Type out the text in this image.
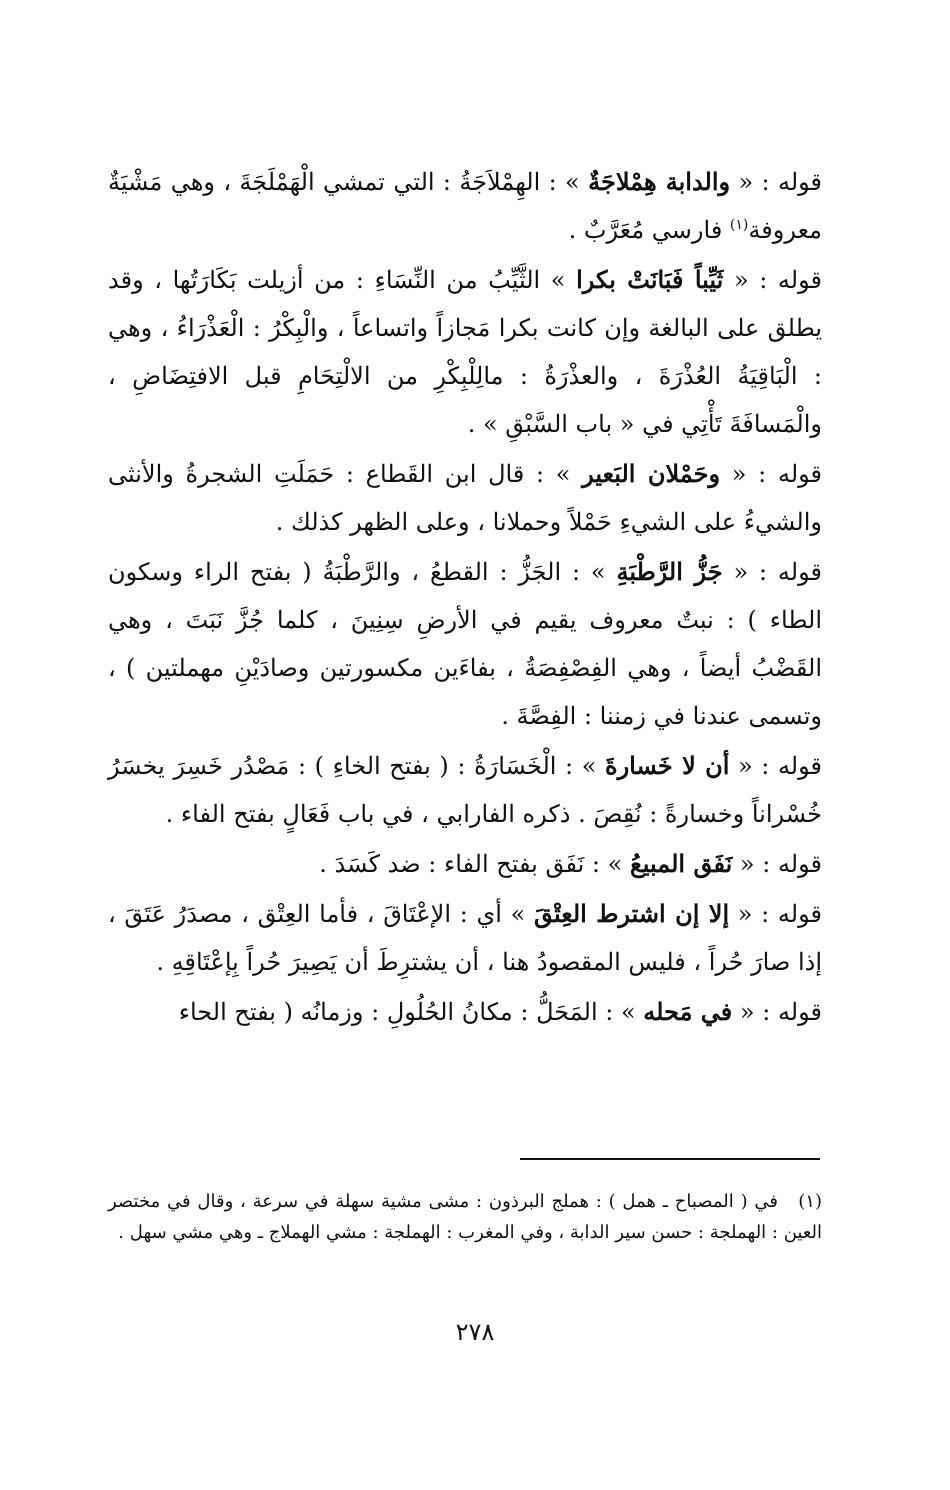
قوله : « والدابة هِمْلاجَةٌ » : الهِمْلاَجَةُ : التي تمشي الْهَمْلَجَةَ ، وهي مَشْيَةٌ معروفة$^{(١)}$ فارسي مُعَرَّبٌ .

قوله : « ثَيِّباً فَبَانَتْ بكرا » الثَّيِّبُ من النِّسَاءِ : من أزيلت بَكَارَتُها ، وقد يطلق على البالغة وإن كانت بكرا مَجازاً واتساعاً ، والْبِكْرُ : الْعَذْرَاءُ ، وهي : الْبَاقِيَةُ العُذْرَةَ ، والعذْرَةُ : مالِلْبِكْرِ من الالْتِحَامِ قبل الافتِضَاضِ ، والْمَسافَةَ تَأْتِي في « باب السَّبْقِ » .

قوله : « وحَمْلان البَعير » : قال ابن القَطاع : حَمَلَتِ الشجرةُ والأنثى والشيءُ على الشيءِ حَمْلاً وحملانا ، وعلى الظهر كذلك .

قوله : « جَزُّ الرَّطْبَةِ » : الجَزُّ : القطعُ ، والرَّطْبَةُ ( بفتح الراء وسكون الطاء ) : نبتٌ معروف يقيم في الأرضِ سِنِينَ ، كلما جُزَّ نَبَتَ ، وهي القَضْبُ أيضاً ، وهي الفِصْفِصَةُ ، بفاءَين مكسورتين وصادَيْنِ مهملتين ) ، وتسمى عندنا في زمننا : الفِصَّةَ .

قوله : « أن لا خَسارةَ » : الْخَسَارَةُ : ( بفتح الخاءِ ) : مَصْدُر خَسِرَ يخسَرُ خُسْراناً وخسارةً : نُقِصَ . ذكره الفارابي ، في باب فَعَالٍ بفتح الفاء .

قوله : « نَفَق المبيعُ » : نَفَق بفتح الفاء : ضد كَسَدَ .

قوله : « إلا إن اشترط العِتْقَ » أي : الإعْتَاقَ ، فأما العِتْق ، مصدَرُ عَتَقَ ، إذا صارَ حُراً ، فليس المقصودُ هنا ، أن يشترِطَ أن يَصِيرَ حُراً بِإعْتَاقِهِ .

قوله : « في مَحله » : المَحَلُّ : مكانُ الحُلُولِ : وزمانُه ( بفتح الحاء

(١)في ( المصباح ـ همل ) : هملج البرذون : مشى مشية سهلة في سرعة ، وقال في مختصر العين : الهملجة : حسن سير الدابة ، وفي المغرب : الهملجة : مشي الهملاج ـ وهي مشي سهل .
٢٧٨
